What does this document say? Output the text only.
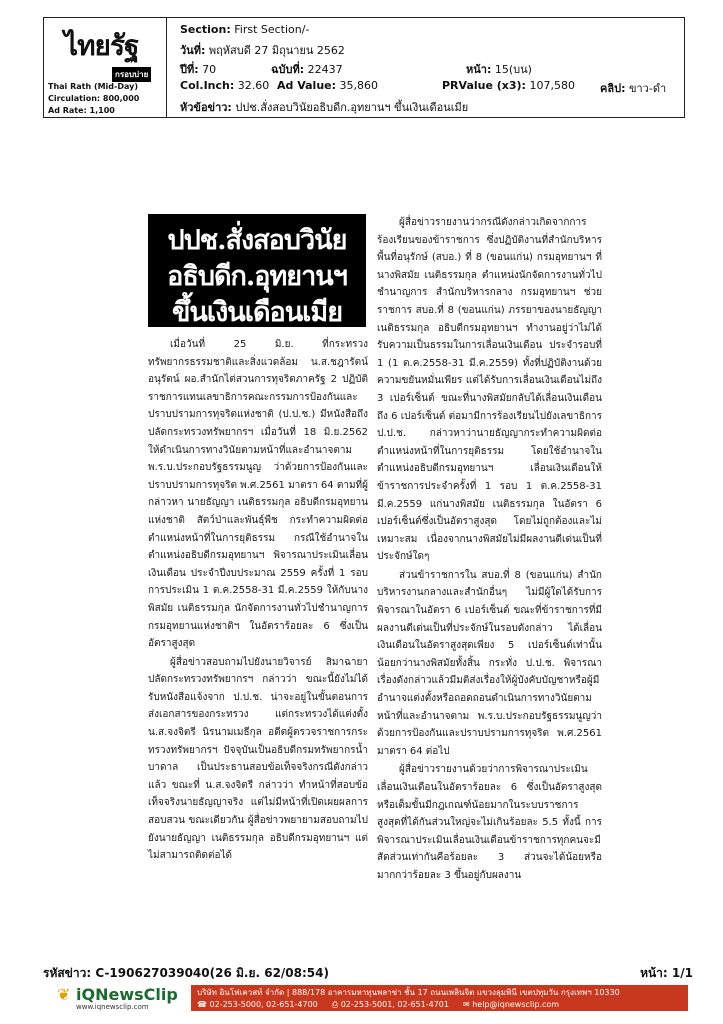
ไทยรัฐ
กรอบบ่าย
Thai Rath (Mid-Day)
Circulation: 800,000
Ad Rate: 1,100
Section: First Section/-
วันที่: พฤหัสบดี 27 มิถุนายน 2562
ปีที่: 70	ฉบับที่: 22437	หน้า: 15(บน)
Col.Inch: 32.60 Ad Value: 35,860	PRValue (x3): 107,580 คลิป: ขาว-ดำ
หัวข้อข่าว: ปปช.สั่งสอบวินัยอธิบดีก.อุทยานฯ ขึ้นเงินเดือนเมีย
ปปช.สั่งสอบวินัย
อธิบดีก.อุทยานฯ
ขึ้นเงินเดือนเมีย

เมื่อวันที่ 25 มิ.ย. ที่กระทรวงทรัพยากรธรรมชาติและสิ่งแวดล้อม น.ส.ชฎารัตน์ อนุรัตน์ ผอ.สำนักไต่สวนการทุจริตภาครัฐ 2 ปฏิบัติราชการแทนเลขาธิการคณะกรรมการป้องกันและปราบปรามการทุจริตแห่งชาติ (ป.ป.ช.) มีหนังสือถึงปลัดกระทรวงทรัพยากรฯ เมื่อวันที่ 18 มิ.ย.2562 ให้ดำเนินการทางวินัยตามหน้าที่และอำนาจตาม พ.ร.บ.ประกอบรัฐธรรมนูญ ว่าด้วยการป้องกันและปราบปรามการทุจริต พ.ศ.2561 มาตรา 64 ตามที่ผู้กล่าวหา นายธัญญา เนติธรรมกุล อธิบดีกรมอุทยานแห่งชาติ สัตว์ป่าและพันธุ์พืช กระทำความผิดต่อตำแหน่งหน้าที่ในการยุติธรรม กรณีใช้อำนาจในตำแหน่งอธิบดีกรมอุทยานฯ พิจารณาประเมินเลื่อนเงินเดือน ประจำปีงบประมาณ 2559 ครั้งที่ 1 รอบการประเมิน 1 ต.ค.2558-31 มี.ค.2559 ให้กับนางพิสมัย เนติธรรมกุล นักจัดการงานทั่วไปชำนาญการ กรมอุทยานแห่งชาติฯ ในอัตราร้อยละ 6 ซึ่งเป็นอัตราสูงสุด

ผู้สื่อข่าวสอบถามไปยังนายวิจารย์ สิมาฉายา ปลัดกระทรวงทรัพยากรฯ กล่าวว่า ขณะนี้ยังไม่ได้รับหนังสือแจ้งจาก ป.ป.ช. น่าจะอยู่ในขั้นตอนการส่งเอกสารของกระทรวง แต่กระทรวงได้แต่งตั้ง น.ส.จงจิตรี นิรนามเมธีกุล อดีตผู้ตรวจราชการกระทรวงทรัพยากรฯ ปัจจุบันเป็นอธิบดีกรมทรัพยากรน้ำบาดาล เป็นประธานสอบข้อเท็จจริงกรณีดังกล่าวแล้ว ขณะที่ น.ส.จงจิตรี กล่าวว่า ทำหน้าที่สอบข้อเท็จจริงนายธัญญาจริง แต่ไม่มีหน้าที่เปิดเผยผลการสอบสวน ขณะเดียวกัน ผู้สื่อข่าวพยายามสอบถามไปยังนายธัญญา เนติธรรมกุล อธิบดีกรมอุทยานฯ แต่ไม่สามารถติดต่อได้

ผู้สื่อข่าวรายงานว่ากรณีดังกล่าวเกิดจากการร้องเรียนของข้าราชการ ซึ่งปฏิบัติงานที่สำนักบริหารพื้นที่อนุรักษ์ (สบอ.) ที่ 8 (ขอนแก่น) กรมอุทยานฯ ที่นางพิสมัย เนติธรรมกุล ตำแหน่งนักจัดการงานทั่วไปชำนาญการ สำนักบริหารกลาง กรมอุทยานฯ ช่วยราชการ สบอ.ที่ 8 (ขอนแก่น) ภรรยาของนายธัญญา เนติธรรมกุล อธิบดีกรมอุทยานฯ ทำงานอยู่ว่าไม่ได้รับความเป็นธรรมในการเลื่อนเงินเดือน ประจำรอบที่ 1 (1 ต.ค.2558-31 มี.ค.2559) ทั้งที่ปฏิบัติงานด้วยความขยันหมั่นเพียร แต่ได้รับการเลื่อนเงินเดือนไม่ถึง 3 เปอร์เซ็นต์ ขณะที่นางพิสมัยกลับได้เลื่อนเงินเดือนถึง 6 เปอร์เซ็นต์ ต่อมามีการร้องเรียนไปยังเลขาธิการ ป.ป.ช. กล่าวหาว่านายธัญญากระทำความผิดต่อตำแหน่งหน้าที่ในการยุติธรรม โดยใช้อำนาจในตำแหน่งอธิบดีกรมอุทยานฯ เลื่อนเงินเดือนให้ข้าราชการประจำครั้งที่ 1 รอบ 1 ต.ค.2558-31 มี.ค.2559 แก่นางพิสมัย เนติธรรมกุล ในอัตรา 6 เปอร์เซ็นต์ซึ่งเป็นอัตราสูงสุด โดยไม่ถูกต้องและไม่เหมาะสม เนื่องจากนางพิสมัยไม่มีผลงานดีเด่นเป็นที่ประจักษ์ใดๆ

ส่วนข้าราชการใน สบอ.ที่ 8 (ขอนแก่น) สำนักบริหารงานกลางและสำนักอื่นๆ ไม่มีผู้ใดได้รับการพิจารณาในอัตรา 6 เปอร์เซ็นต์ ขณะที่ข้าราชการที่มีผลงานดีเด่นเป็นที่ประจักษ์ในรอบดังกล่าว ได้เลื่อนเงินเดือนในอัตราสูงสุดเพียง 5 เปอร์เซ็นต์เท่านั้น น้อยกว่านางพิสมัยทั้งสิ้น กระทั่ง ป.ป.ช. พิจารณาเรื่องดังกล่าวแล้วมีมติส่งเรื่องให้ผู้บังคับบัญชาหรือผู้มีอำนาจแต่งตั้งหรือถอดถอนดำเนินการทางวินัยตามหน้าที่และอำนาจตาม พ.ร.บ.ประกอบรัฐธรรมนูญว่าด้วยการป้องกันและปราบปรามการทุจริต พ.ศ.2561 มาตรา 64 ต่อไป

ผู้สื่อข่าวรายงานด้วยว่าการพิจารณาประเมินเลื่อนเงินเดือนในอัตราร้อยละ 6 ซึ่งเป็นอัตราสูงสุดหรือเต็มขั้นมีกฎเกณฑ์น้อยมากในระบบราชการสูงสุดที่ได้กันส่วนใหญ่จะไม่เกินร้อยละ 5.5 ทั้งนี้ การพิจารณาประเมินเลื่อนเงินเดือนข้าราชการทุกคนจะมีสัดส่วนเท่ากันคือร้อยละ 3 ส่วนจะได้น้อยหรือมากกว่าร้อยละ 3 ขึ้นอยู่กับผลงาน

รหัสข่าว: C-190627039040(26 มิ.ย. 62/08:54)	หน้า: 1/1
❦ iQNewsClip
www.iqnewsclip.com
บริษัท อินโฟเควสท์ จำกัด | 888/178 อาคารมหาทุนพลาซ่า ชั้น 17 ถนนเพลินจิต แขวงลุมพินี เขตปทุมวัน กรุงเทพฯ 10330
☎ 02-253-5000, 02-651-4700 ⎙ 02-253-5001, 02-651-4701 ✉ help@iqnewsclip.com
